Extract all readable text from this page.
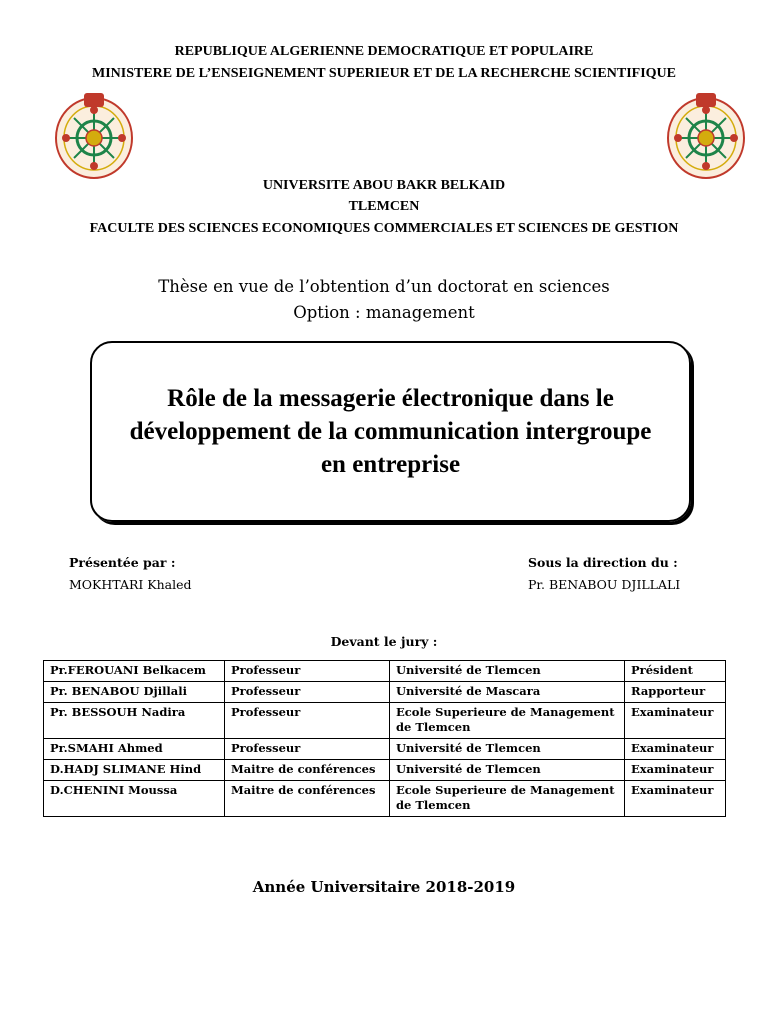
REPUBLIQUE ALGERIENNE DEMOCRATIQUE ET POPULAIRE
MINISTERE DE L’ENSEIGNEMENT SUPERIEUR ET DE LA RECHERCHE SCIENTIFIQUE
UNIVERSITE ABOU BAKR BELKAID
TLEMCEN
FACULTE DES SCIENCES ECONOMIQUES COMMERCIALES ET SCIENCES DE GESTION
Thèse en vue de l’obtention d’un doctorat en sciences
Option : management
Rôle de la messagerie électronique dans le développement de la communication intergroupe en entreprise
Présentée par :
MOKHTARI Khaled
Sous la direction du :
Pr. BENABOU DJILLALI
Devant le jury :
Pr.FEROUANI Belkacem	Professeur	Université de Tlemcen	Président
Pr. BENABOU Djillali	Professeur	Université de Mascara	Rapporteur
Pr. BESSOUH Nadira	Professeur	Ecole Superieure de Management de Tlemcen	Examinateur
Pr.SMAHI Ahmed	Professeur	Université de Tlemcen	Examinateur
D.HADJ SLIMANE Hind	Maitre de conférences	Université de Tlemcen	Examinateur
D.CHENINI Moussa	Maitre de conférences	Ecole Superieure de Management de Tlemcen	Examinateur
Année Universitaire 2018-2019
